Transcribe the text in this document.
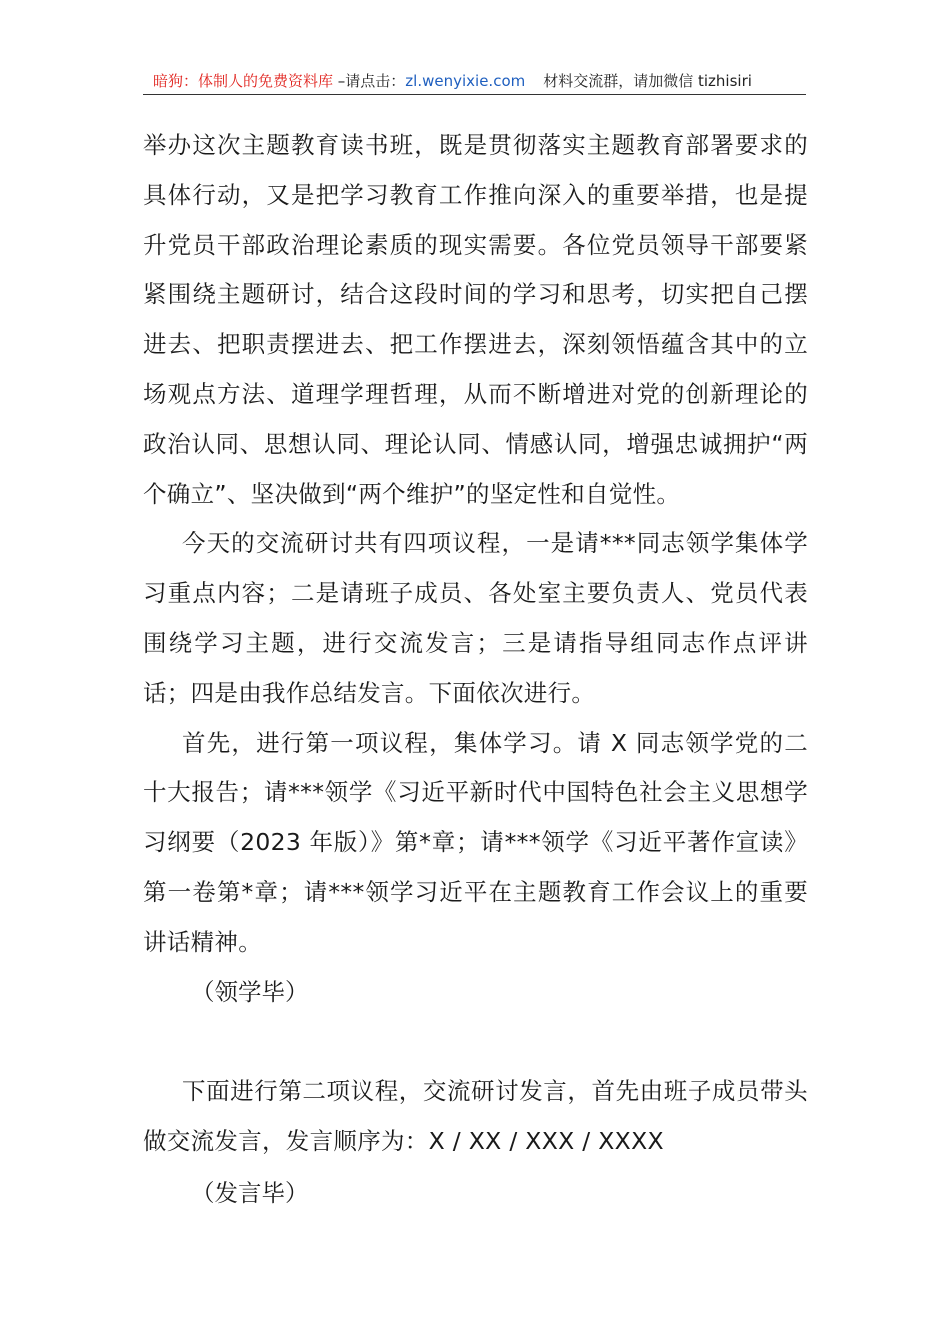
暗狗：体制人的免费资料库 –请点击：zl.wenyixie.com 材料交流群，请加微信 tizhisiri

举办这次主题教育读书班，既是贯彻落实主题教育部署要求的具体行动，又是把学习教育工作推向深入的重要举措，也是提升党员干部政治理论素质的现实需要。各位党员领导干部要紧紧围绕主题研讨，结合这段时间的学习和思考，切实把自己摆进去、把职责摆进去、把工作摆进去，深刻领悟蕴含其中的立场观点方法、道理学理哲理，从而不断增进对党的创新理论的政治认同、思想认同、理论认同、情感认同，增强忠诚拥护“两个确立”、坚决做到“两个维护”的坚定性和自觉性。

今天的交流研讨共有四项议程，一是请***同志领学集体学习重点内容；二是请班子成员、各处室主要负责人、党员代表围绕学习主题，进行交流发言；三是请指导组同志作点评讲话；四是由我作总结发言。下面依次进行。

首先，进行第一项议程，集体学习。请 X 同志领学党的二十大报告；请***领学《习近平新时代中国特色社会主义思想学习纲要（2023 年版）》第*章；请***领学《习近平著作宣读》第一卷第*章；请***领学习近平在主题教育工作会议上的重要讲话精神。

（领学毕）

下面进行第二项议程，交流研讨发言，首先由班子成员带头做交流发言，发言顺序为：X / XX / XXX / XXXX

（发言毕）
